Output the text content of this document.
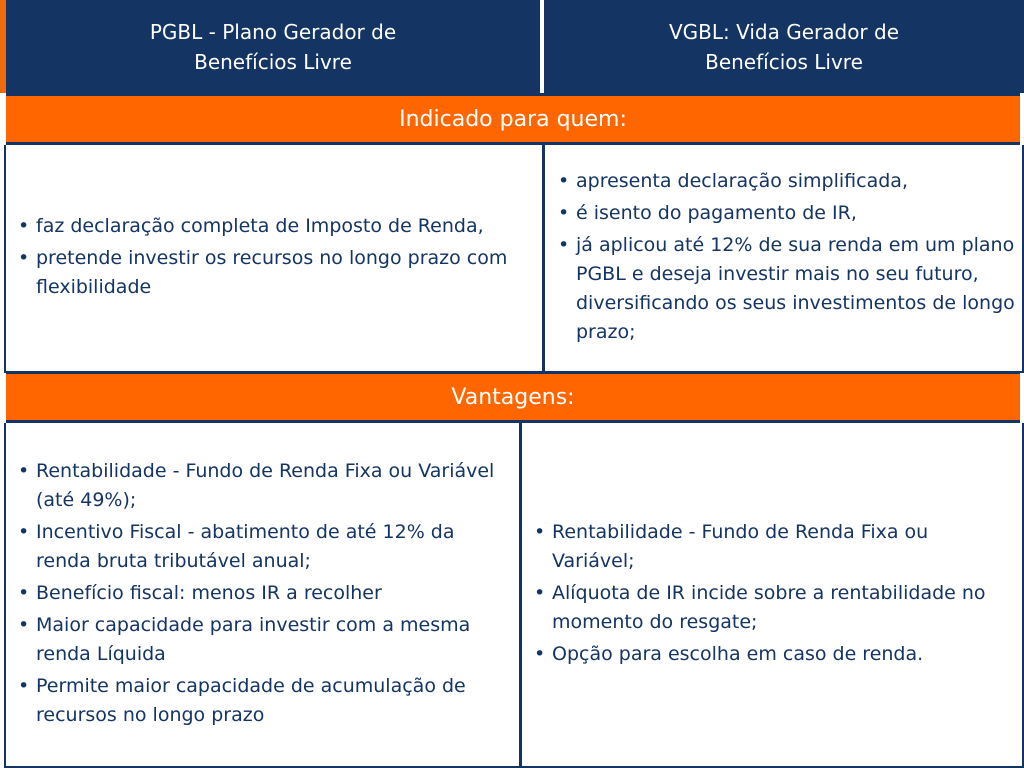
PGBL - Plano Gerador de
Benefícios Livre
VGBL: Vida Gerador de
Benefícios Livre
Indicado para quem:
• faz declaração completa de Imposto de Renda,
• pretende investir os recursos no longo prazo com flexibilidade
• apresenta declaração simplificada,
• é isento do pagamento de IR,
• já aplicou até 12% de sua renda em um plano PGBL e deseja investir mais no seu futuro, diversificando os seus investimentos de longo prazo;
Vantagens:
• Rentabilidade - Fundo de Renda Fixa ou Variável (até 49%);
• Incentivo Fiscal - abatimento de até 12% da renda bruta tributável anual;
• Benefício fiscal: menos IR a recolher
• Maior capacidade para investir com a mesma renda Líquida
• Permite maior capacidade de acumulação de recursos no longo prazo
• Rentabilidade - Fundo de Renda Fixa ou Variável;
• Alíquota de IR incide sobre a rentabilidade no momento do resgate;
• Opção para escolha em caso de renda.
